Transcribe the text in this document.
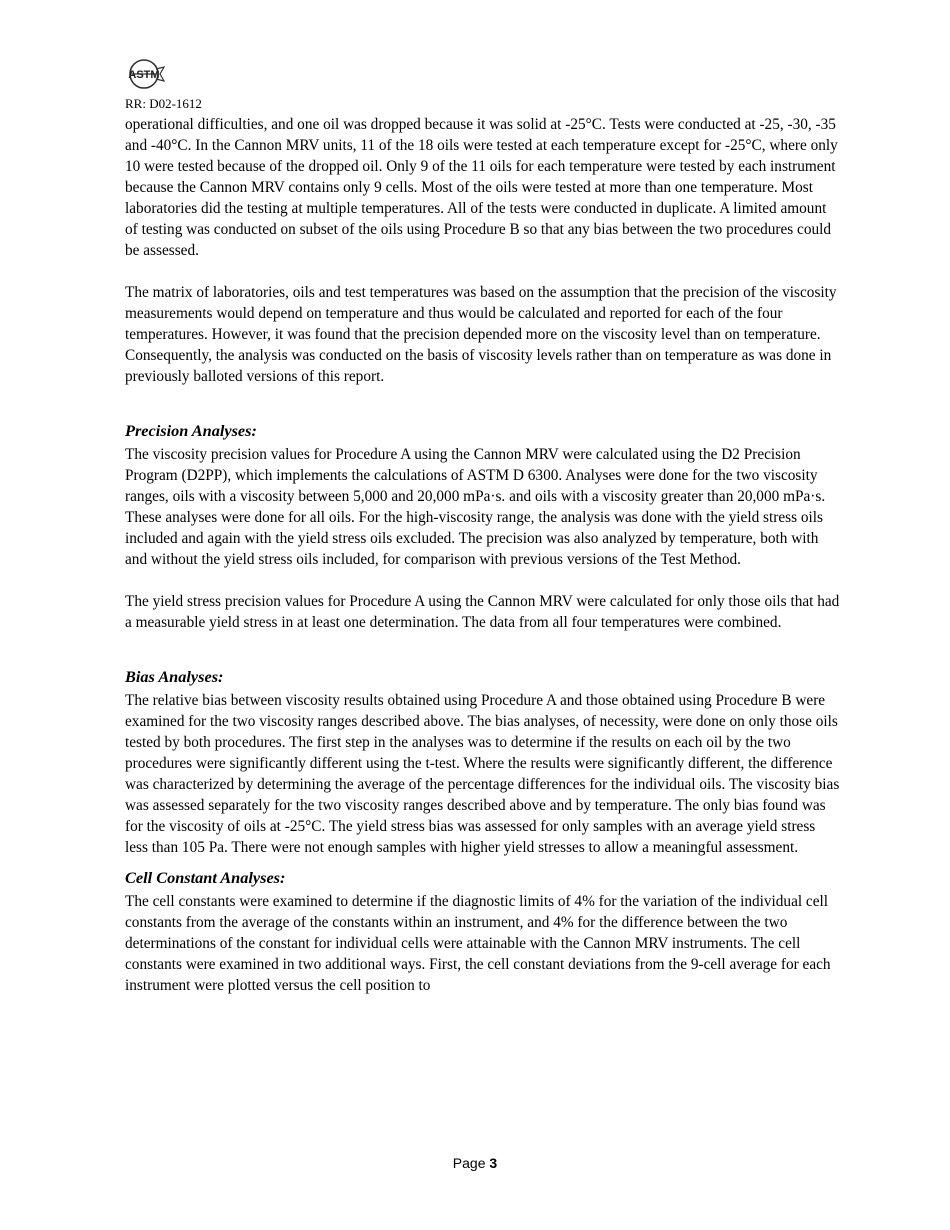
ASTM
RR: D02-1612

operational difficulties, and one oil was dropped because it was solid at -25°C. Tests were conducted at -25, -30, -35 and -40°C. In the Cannon MRV units, 11 of the 18 oils were tested at each temperature except for -25°C, where only 10 were tested because of the dropped oil. Only 9 of the 11 oils for each temperature were tested by each instrument because the Cannon MRV contains only 9 cells. Most of the oils were tested at more than one temperature. Most laboratories did the testing at multiple temperatures. All of the tests were conducted in duplicate. A limited amount of testing was conducted on subset of the oils using Procedure B so that any bias between the two procedures could be assessed.

The matrix of laboratories, oils and test temperatures was based on the assumption that the precision of the viscosity measurements would depend on temperature and thus would be calculated and reported for each of the four temperatures. However, it was found that the precision depended more on the viscosity level than on temperature. Consequently, the analysis was conducted on the basis of viscosity levels rather than on temperature as was done in previously balloted versions of this report.

Precision Analyses:

The viscosity precision values for Procedure A using the Cannon MRV were calculated using the D2 Precision Program (D2PP), which implements the calculations of ASTM D 6300. Analyses were done for the two viscosity ranges, oils with a viscosity between 5,000 and 20,000 mPa·s. and oils with a viscosity greater than 20,000 mPa·s. These analyses were done for all oils. For the high-viscosity range, the analysis was done with the yield stress oils included and again with the yield stress oils excluded. The precision was also analyzed by temperature, both with and without the yield stress oils included, for comparison with previous versions of the Test Method.

The yield stress precision values for Procedure A using the Cannon MRV were calculated for only those oils that had a measurable yield stress in at least one determination. The data from all four temperatures were combined.

Bias Analyses:

The relative bias between viscosity results obtained using Procedure A and those obtained using Procedure B were examined for the two viscosity ranges described above. The bias analyses, of necessity, were done on only those oils tested by both procedures. The first step in the analyses was to determine if the results on each oil by the two procedures were significantly different using the t-test. Where the results were significantly different, the difference was characterized by determining the average of the percentage differences for the individual oils. The viscosity bias was assessed separately for the two viscosity ranges described above and by temperature. The only bias found was for the viscosity of oils at -25°C. The yield stress bias was assessed for only samples with an average yield stress less than 105 Pa. There were not enough samples with higher yield stresses to allow a meaningful assessment.

Cell Constant Analyses:

The cell constants were examined to determine if the diagnostic limits of 4% for the variation of the individual cell constants from the average of the constants within an instrument, and 4% for the difference between the two determinations of the constant for individual cells were attainable with the Cannon MRV instruments. The cell constants were examined in two additional ways. First, the cell constant deviations from the 9-cell average for each instrument were plotted versus the cell position to

Page 3
